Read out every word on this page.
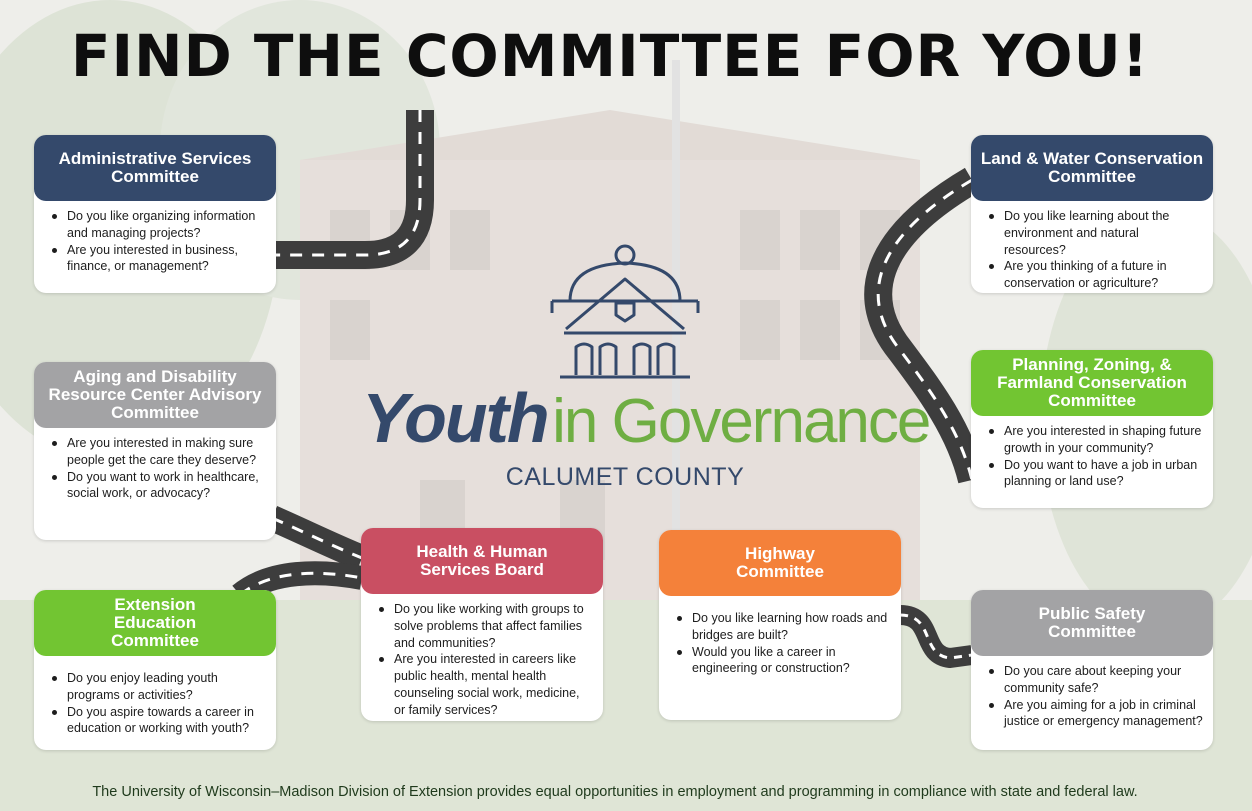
FIND THE COMMITTEE FOR YOU!
Administrative Services
Committee
Do you like organizing information and managing projects?
Are you interested in business, finance, or management?
Aging and Disability
Resource Center Advisory
Committee
Are you interested in making sure people get the care they deserve?
Do you want to work in healthcare, social work, or advocacy?
Extension
Education
Committee
Do you enjoy leading youth programs or activities?
Do you aspire towards a career in education or working with youth?
Health & Human
Services Board
Do you like working with groups to solve problems that affect families and communities?
Are you interested in careers like public health, mental health counseling social work, medicine, or family services?
Highway
Committee
Do you like learning how roads and bridges are built?
Would you like a career in engineering or construction?
Land & Water Conservation
Committee
Do you like learning about the environment and natural resources?
Are you thinking of a future in conservation or agriculture?
Planning, Zoning, &
Farmland Conservation
Committee
Are you interested in shaping future growth in your community?
Do you want to have a job in urban planning or land use?
Public Safety
Committee
Do you care about keeping your community safe?
Are you aiming for a job in criminal justice or emergency management?
Youth in Governance
CALUMET COUNTY
The University of Wisconsin–Madison Division of Extension provides equal opportunities in employment and programming in compliance with state and federal law.
